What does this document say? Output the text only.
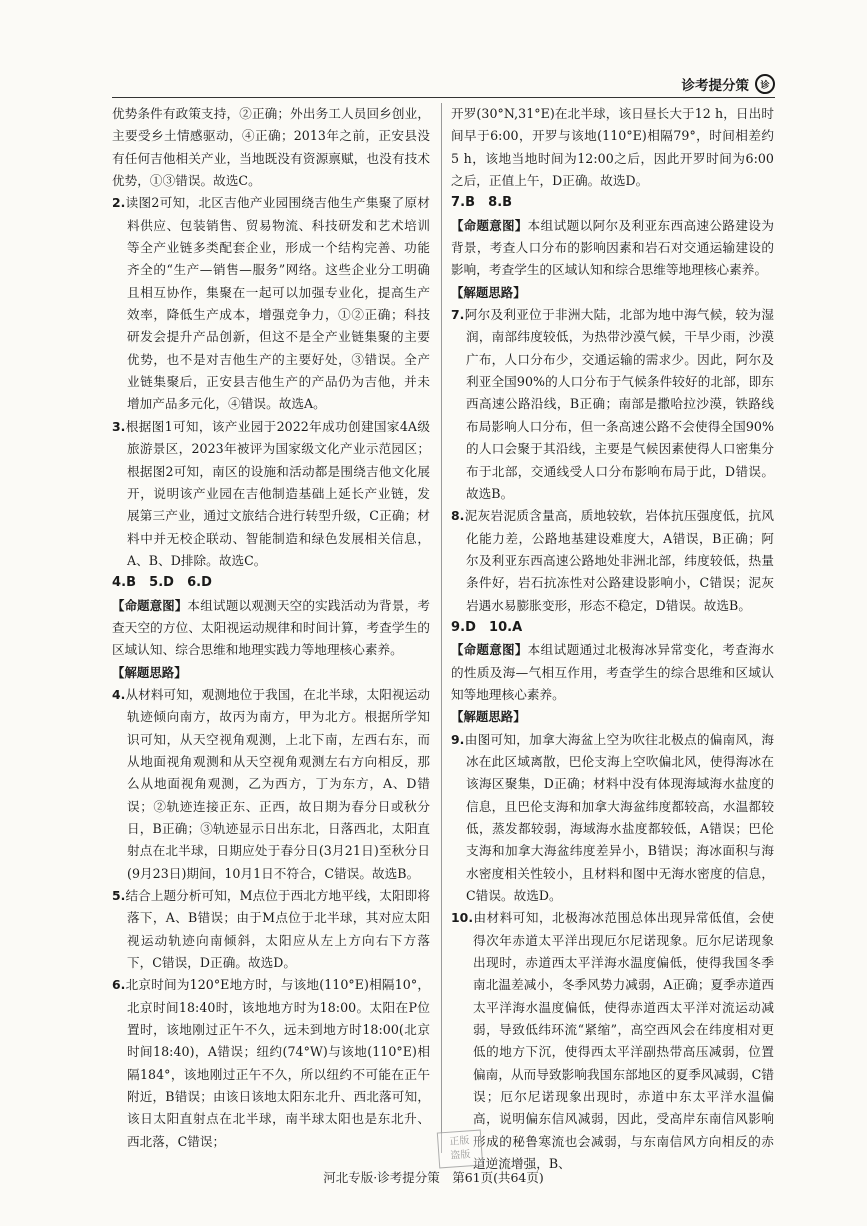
诊考提分策 诊

优势条件有政策支持，②正确；外出务工人员回乡创业，主要受乡土情感驱动，④正确；2013年之前，正安县没有任何吉他相关产业，当地既没有资源禀赋，也没有技术优势，①③错误。故选C。

2.读图2可知，北区吉他产业园围绕吉他生产集聚了原材料供应、包装销售、贸易物流、科技研发和艺术培训等全产业链多类配套企业，形成一个结构完善、功能齐全的“生产—销售—服务”网络。这些企业分工明确且相互协作，集聚在一起可以加强专业化，提高生产效率，降低生产成本，增强竞争力，①②正确；科技研发会提升产品创新，但这不是全产业链集聚的主要优势，也不是对吉他生产的主要好处，③错误。全产业链集聚后，正安县吉他生产的产品仍为吉他，并未增加产品多元化，④错误。故选A。

3.根据图1可知，该产业园于2022年成功创建国家4A级旅游景区，2023年被评为国家级文化产业示范园区；根据图2可知，南区的设施和活动都是围绕吉他文化展开，说明该产业园在吉他制造基础上延长产业链，发展第三产业，通过文旅结合进行转型升级，C正确；材料中并无校企联动、智能制造和绿色发展相关信息，A、B、D排除。故选C。

4.B　5.D　6.D

【命题意图】本组试题以观测天空的实践活动为背景，考查天空的方位、太阳视运动规律和时间计算，考查学生的区域认知、综合思维和地理实践力等地理核心素养。

【解题思路】

4.从材料可知，观测地位于我国，在北半球，太阳视运动轨迹倾向南方，故丙为南方，甲为北方。根据所学知识可知，从天空视角观测，上北下南，左西右东，而从地面视角观测和从天空视角观测左右方向相反，那么从地面视角观测，乙为西方，丁为东方，A、D错误；②轨迹连接正东、正西，故日期为春分日或秋分日，B正确；③轨迹显示日出东北，日落西北，太阳直射点在北半球，日期应处于春分日(3月21日)至秋分日(9月23日)期间，10月1日不符合，C错误。故选B。

5.结合上题分析可知，M点位于西北方地平线，太阳即将落下，A、B错误；由于M点位于北半球，其对应太阳视运动轨迹向南倾斜，太阳应从左上方向右下方落下，C错误，D正确。故选D。

6.北京时间为120°E地方时，与该地(110°E)相隔10°，北京时间18:40时，该地地方时为18:00。太阳在P位置时，该地刚过正午不久，远未到地方时18:00(北京时间18:40)，A错误；纽约(74°W)与该地(110°E)相隔184°，该地刚过正午不久，所以纽约不可能在正午附近，B错误；由该日该地太阳东北升、西北落可知，该日太阳直射点在北半球，南半球太阳也是东北升、西北落，C错误；

开罗(30°N,31°E)在北半球，该日昼长大于12 h，日出时间早于6:00，开罗与该地(110°E)相隔79°，时间相差约5 h，该地当地时间为12:00之后，因此开罗时间为6:00之后，正值上午，D正确。故选D。

7.B　8.B

【命题意图】本组试题以阿尔及利亚东西高速公路建设为背景，考查人口分布的影响因素和岩石对交通运输建设的影响，考查学生的区域认知和综合思维等地理核心素养。

【解题思路】

7.阿尔及利亚位于非洲大陆，北部为地中海气候，较为湿润，南部纬度较低，为热带沙漠气候，干旱少雨，沙漠广布，人口分布少，交通运输的需求少。因此，阿尔及利亚全国90%的人口分布于气候条件较好的北部，即东西高速公路沿线，B正确；南部是撒哈拉沙漠，铁路线布局影响人口分布，但一条高速公路不会使得全国90%的人口会聚于其沿线，主要是气候因素使得人口密集分布于北部，交通线受人口分布影响布局于此，D错误。故选B。

8.泥灰岩泥质含量高，质地较软，岩体抗压强度低，抗风化能力差，公路地基建设难度大，A错误，B正确；阿尔及利亚东西高速公路地处非洲北部，纬度较低，热量条件好，岩石抗冻性对公路建设影响小，C错误；泥灰岩遇水易膨胀变形，形态不稳定，D错误。故选B。

9.D　10.A

【命题意图】本组试题通过北极海冰异常变化，考查海水的性质及海—气相互作用，考查学生的综合思维和区域认知等地理核心素养。

【解题思路】

9.由图可知，加拿大海盆上空为吹往北极点的偏南风，海冰在此区域离散，巴伦支海上空吹偏北风，使得海冰在该海区聚集，D正确；材料中没有体现海域海水盐度的信息，且巴伦支海和加拿大海盆纬度都较高，水温都较低，蒸发都较弱，海域海水盐度都较低，A错误；巴伦支海和加拿大海盆纬度差异小，B错误；海冰面积与海水密度相关性较小，且材料和图中无海水密度的信息，C错误。故选D。

10.由材料可知，北极海冰范围总体出现异常低值，会使得次年赤道太平洋出现厄尔尼诺现象。厄尔尼诺现象出现时，赤道西太平洋海水温度偏低，使得我国冬季南北温差减小，冬季风势力减弱，A正确；夏季赤道西太平洋海水温度偏低，使得赤道西太平洋对流运动减弱，导致低纬环流“紧缩”，高空西风会在纬度相对更低的地方下沉，使得西太平洋副热带高压减弱，位置偏南，从而导致影响我国东部地区的夏季风减弱，C错误；厄尔尼诺现象出现时，赤道中东太平洋水温偏高，说明偏东信风减弱，因此，受高岸东南信风影响形成的秘鲁寒流也会减弱，与东南信风方向相反的赤道逆流增强，B、

正版
盗版
河北专版·诊考提分策　第61页(共64页)
